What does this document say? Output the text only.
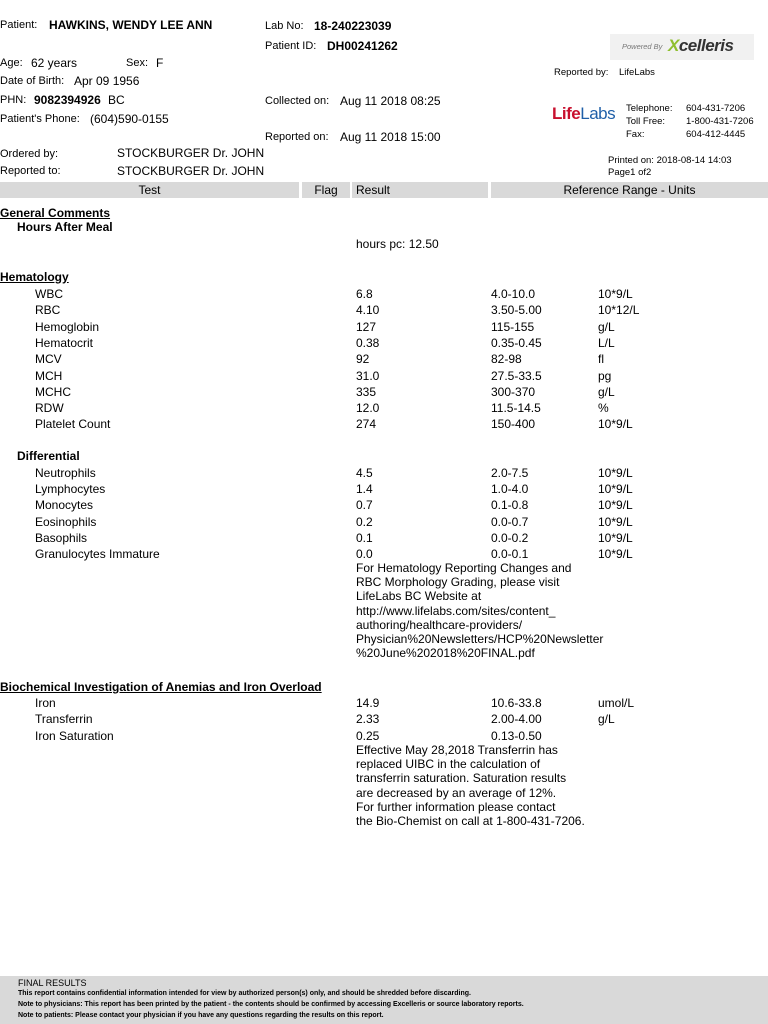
Patient: HAWKINS, WENDY LEE ANN
Age: 62 years	Sex: F
Date of Birth: Apr 09 1956
PHN: 9082394926 BC
Patient's Phone: (604)590-0155
Ordered by:	STOCKBURGER Dr. JOHN
Reported to:	STOCKBURGER Dr. JOHN
Lab No: 18-240223039
Patient ID: DH00241262
Collected on: Aug 11 2018 08:25
Reported on: Aug 11 2018 15:00
Powered By Xcelleris
Reported by: LifeLabs
LifeLabs Telephone: 604-431-7206
Toll Free: 1-800-431-7206
Fax:	604-412-4445
Printed on: 2018-08-14 14:03
Page1 of2
Test	Flag	Result	Reference Range - Units
General Comments
Hours After Meal
hours pc: 12.50
Hematology
WBC	6.8	4.0-10.0	10*9/L
RBC	4.10	3.50-5.00	10*12/L
Hemoglobin	127	115-155	g/L
Hematocrit	0.38	0.35-0.45	L/L
MCV	92	82-98	fl
MCH	31.0	27.5-33.5	pg
MCHC	335	300-370	g/L
RDW	12.0	11.5-14.5	%
Platelet Count	274	150-400	10*9/L
Differential
Neutrophils	4.5	2.0-7.5	10*9/L
Lymphocytes	1.4	1.0-4.0	10*9/L
Monocytes	0.7	0.1-0.8	10*9/L
Eosinophils	0.2	0.0-0.7	10*9/L
Basophils	0.1	0.0-0.2	10*9/L
Granulocytes Immature	0.0	0.0-0.1	10*9/L
For Hematology Reporting Changes and
RBC Morphology Grading, please visit
LifeLabs BC Website at
http://www.lifelabs.com/sites/content_
authoring/healthcare-providers/
Physician%20Newsletters/HCP%20Newsletter
%20June%202018%20FINAL.pdf
Biochemical Investigation of Anemias and Iron Overload
Iron	14.9	10.6-33.8	umol/L
Transferrin	2.33	2.00-4.00	g/L
Iron Saturation	0.25	0.13-0.50
Effective May 28,2018 Transferrin has
replaced UIBC in the calculation of
transferrin saturation. Saturation results
are decreased by an average of 12%.
For further information please contact
the Bio-Chemist on call at 1-800-431-7206.
FINAL RESULTS
This report contains confidential information intended for view by authorized person(s) only, and should be shredded before discarding.
Note to physicians: This report has been printed by the patient - the contents should be confirmed by accessing Excelleris or source laboratory reports.
Note to patients: Please contact your physician if you have any questions regarding the results on this report.
